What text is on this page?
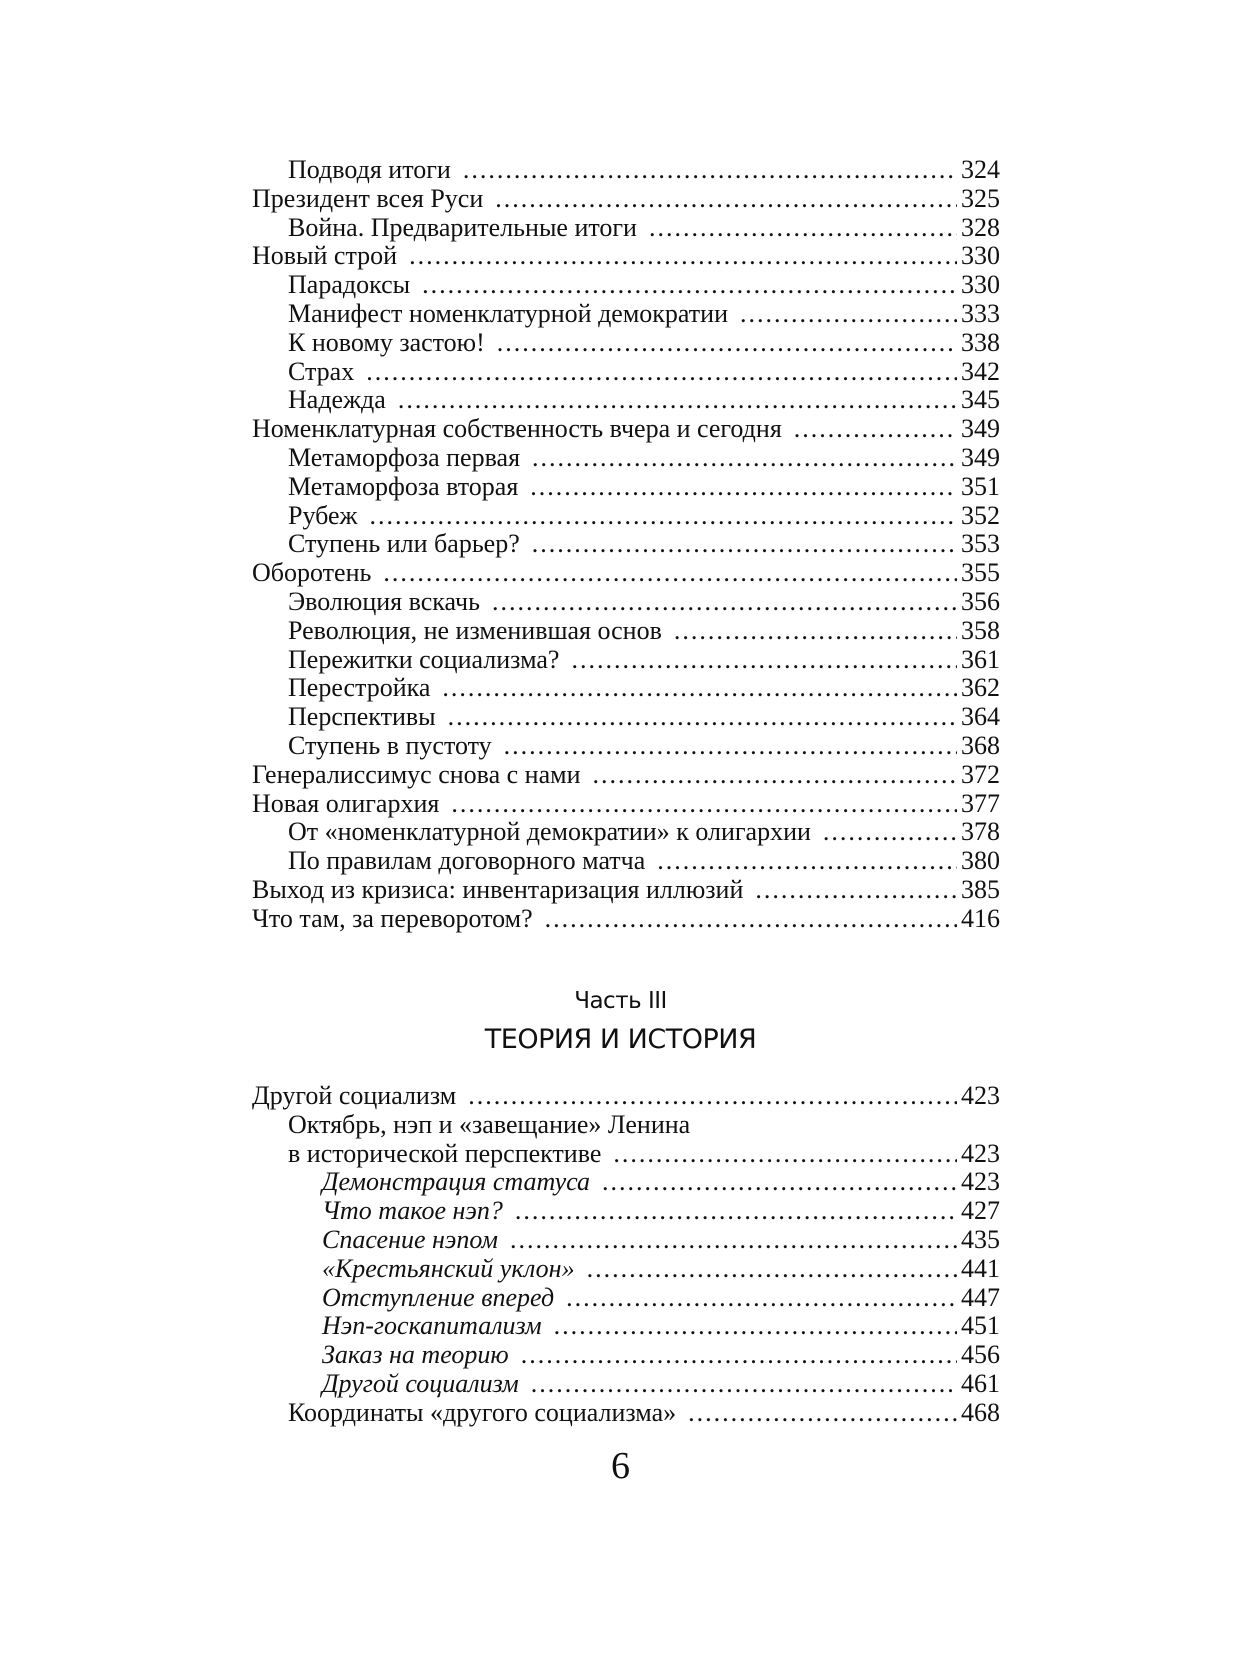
Подводя итоги .....	324
Президент всея Руси .....	325
Война. Предварительные итоги .....	328
Новый строй .....	330
Парадоксы .....	330
Манифест номенклатурной демократии .....	333
К новому застою! .....	338
Страх .....	342
Надежда .....	345
Номенклатурная собственность вчера и сегодня .....	349
Метаморфоза первая .....	349
Метаморфоза вторая .....	351
Рубеж .....	352
Ступень или барьер? .....	353
Оборотень .....	355
Эволюция вскачь .....	356
Революция, не изменившая основ .....	358
Пережитки социализма? .....	361
Перестройка .....	362
Перспективы .....	364
Ступень в пустоту .....	368
Генералиссимус снова с нами .....	372
Новая олигархия .....	377
От «номенклатурной демократии» к олигархии .....	378
По правилам договорного матча .....	380
Выход из кризиса: инвентаризация иллюзий .....	385
Что там, за переворотом? .....	416
Часть III
ТЕОРИЯ И ИСТОРИЯ
Другой социализм .....	423
Октябрь, нэп и «завещание» Ленина
в исторической перспективе .....	423
Демонстрация статуса .....	423
Что такое нэп? .....	427
Спасение нэпом .....	435
«Крестьянский уклон» .....	441
Отступление вперед .....	447
Нэп-госкапитализм .....	451
Заказ на теорию .....	456
Другой социализм .....	461
Координаты «другого социализма» .....	468
6
